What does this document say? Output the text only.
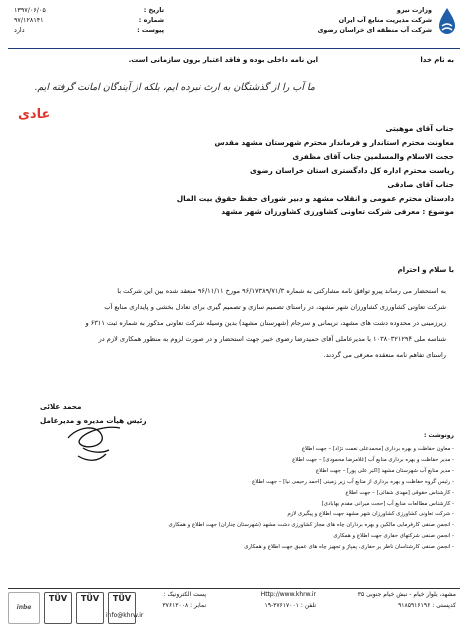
وزارت نیرو
شرکت مدیریت منابع آب ایران
شرکت آب منطقه ای خراسان رضوی
تاریخ :
۱۳۹۷/۰۶/۰۵
شماره :
۹۷/۱۲۸۱۴۱
پیوست :
دارد
به نام خدا
این نامه داخلی بوده و فاقد اعتبار برون سازمانی است.
ما آب را از گذشتگان به ارث نبرده ایم، بلکه از آیندگان امانت گرفته ایم.
عادی
جناب آقای موهبتی
معاونت محترم استاندار و فرماندار محترم شهرستان مشهد مقدس
حجت الاسلام والمسلمین جناب آقای مظفری
ریاست محترم اداره کل دادگستری استان خراسان رضوی
جناب آقای صادقی
دادستان محترم عمومی و انقلاب مشهد و دبیر شورای حفظ حقوق بیت المال
موضوع : معرفی شرکت تعاونی کشاورزی کشاورزان شهر مشهد
با سلام و احترام
به استحضار می رساند پیرو توافق نامه مشارکتی به شماره ۹۶/۱۷۳۸۹/۷۱/۳ مورخ ۹۶/۱۱/۱۱ منعقد شده بین این شرکت با
شرکت تعاونی کشاورزی کشاورزان شهر مشهد، در راستای تصمیم سازی و تصمیم گیری برای تعادل بخشی و پایداری منابع آب
زیرزمینی در محدوده دشت های مشهد، نریمانی و سرجام (شهرستان مشهد) بدین وسیله شرکت تعاونی مذکور به شماره ثبت ۶۳۱۱ و
شناسه ملی ۱۰۳۸۰۳۲۱۲۹۴ با مدیرعاملی آقای حمیدرضا رضوی خیبر جهت استحضار و در صورت لزوم به منظور همکاری لازم در
راستای تفاهم نامه منعقده معرفی می گردند.
محمد علائی
رئیس هیأت مدیره و مدیرعامل
رونوشت :
- معاون حفاظت و بهره برداری [محمدعلی نعمت نژاد] – جهت اطلاع
- مدیر حفاظت و بهره برداری منابع آب [غلامرضا محمودی] – جهت اطلاع
- مدیر منابع آب شهرستان مشهد [اکبر علی پور] – جهت اطلاع
- رئیس گروه حفاظت و بهره برداری از منابع آب زیر زمینی [احمد رحیمی نیا] – جهت اطلاع
- کارشناس حقوقی [مهدی شفائی] – جهت اطلاع
- کارشناس مطالعات منابع آب [حجت میرانی مقدم بهابادی]
- شرکت تعاونی کشاورزی کشاورزان شهر مشهد جهت اطلاع و پیگیری لازم
- انجمن صنفی کارفرمایی مالکین و بهره برداران چاه های مجاز کشاورزی دشت مشهد (شهرستان چناران) جهت اطلاع و همکاری
- انجمن صنفی شرکتهای حفاری جهت اطلاع و همکاری
- انجمن صنفی کارشناسان ناظر بر حفاری، پمپاژ و تجهیز چاه های عمیق جهت اطلاع و همکاری
مشهد، بلوار خیام - نبش خیام جنوبی ۳۵
کدپستی : ۹۱۸۵۹۱۶۱۹۶
Http://www.khrw.ir
تلفن : ۳۷۶۱۷۰۰۱-۱۹
پست الکترونیک :
نمابر : ۳۷۶۱۳۰۰۸
info@khrw.ir
inbe
TÜV	TÜV	TÜV
